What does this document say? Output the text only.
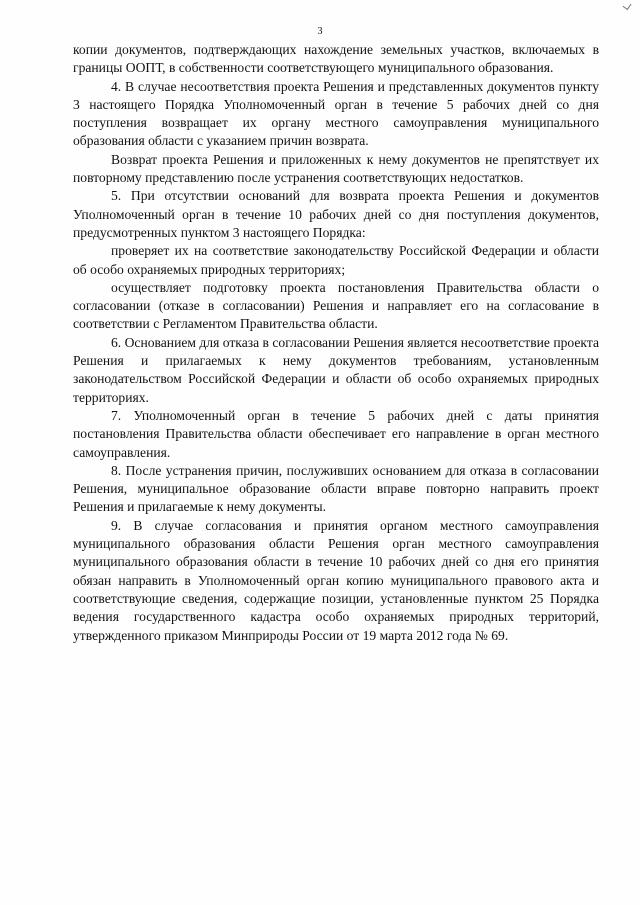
3

копии документов, подтверждающих нахождение земельных участков, включаемых в границы ООПТ, в собственности соответствующего муниципального образования.

4. В случае несоответствия проекта Решения и представленных документов пункту 3 настоящего Порядка Уполномоченный орган в течение 5 рабочих дней со дня поступления возвращает их органу местного самоуправления муниципального образования области с указанием причин возврата.

Возврат проекта Решения и приложенных к нему документов не препятствует их повторному представлению после устранения соответствующих недостатков.

5. При отсутствии оснований для возврата проекта Решения и документов Уполномоченный орган в течение 10 рабочих дней со дня поступления документов, предусмотренных пунктом 3 настоящего Порядка:

проверяет их на соответствие законодательству Российской Федерации и области об особо охраняемых природных территориях;

осуществляет подготовку проекта постановления Правительства области о согласовании (отказе в согласовании) Решения и направляет его на согласование в соответствии с Регламентом Правительства области.

6. Основанием для отказа в согласовании Решения является несоответствие проекта Решения и прилагаемых к нему документов требованиям, установленным законодательством Российской Федерации и области об особо охраняемых природных территориях.

7. Уполномоченный орган в течение 5 рабочих дней с даты принятия постановления Правительства области обеспечивает его направление в орган местного самоуправления.

8. После устранения причин, послуживших основанием для отказа в согласовании Решения, муниципальное образование области вправе повторно направить проект Решения и прилагаемые к нему документы.

9. В случае согласования и принятия органом местного самоуправления муниципального образования области Решения орган местного самоуправления муниципального образования области в течение 10 рабочих дней со дня его принятия обязан направить в Уполномоченный орган копию муниципального правового акта и соответствующие сведения, содержащие позиции, установленные пунктом 25 Порядка ведения государственного кадастра особо охраняемых природных территорий, утвержденного приказом Минприроды России от 19 марта 2012 года № 69.
